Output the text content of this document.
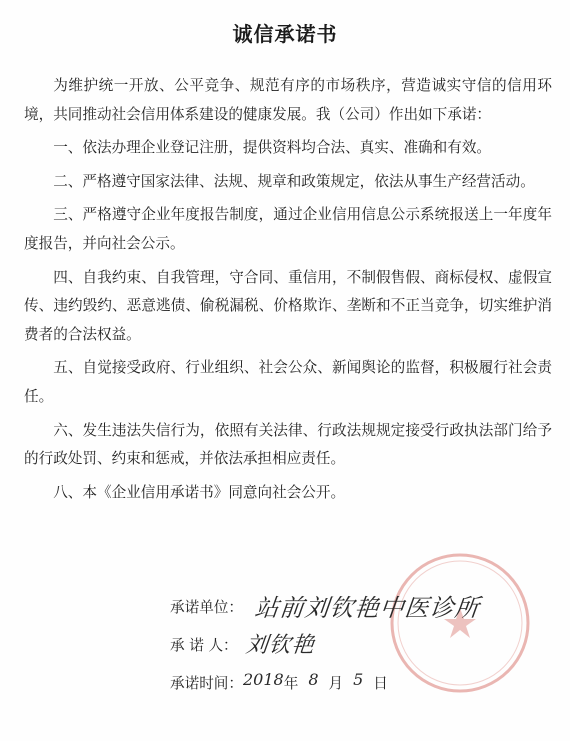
诚信承诺书

为维护统一开放、公平竞争、规范有序的市场秩序，营造诚实守信的信用环境，共同推动社会信用体系建设的健康发展。我（公司）作出如下承诺：

一、依法办理企业登记注册，提供资料均合法、真实、准确和有效。

二、严格遵守国家法律、法规、规章和政策规定，依法从事生产经营活动。

三、严格遵守企业年度报告制度，通过企业信用信息公示系统报送上一年度年度报告，并向社会公示。

四、自我约束、自我管理，守合同、重信用，不制假售假、商标侵权、虚假宣传、违约毁约、恶意逃债、偷税漏税、价格欺诈、垄断和不正当竞争，切实维护消费者的合法权益。

五、自觉接受政府、行业组织、社会公众、新闻舆论的监督，积极履行社会责任。

六、发生违法失信行为，依照有关法律、行政法规规定接受行政执法部门给予的行政处罚、约束和惩戒，并依法承担相应责任。

八、本《企业信用承诺书》同意向社会公开。

承诺单位： 站前刘钦艳中医诊所
承 诺 人： 刘钦艳
承诺时间： 2018 年 8 月 5 日
